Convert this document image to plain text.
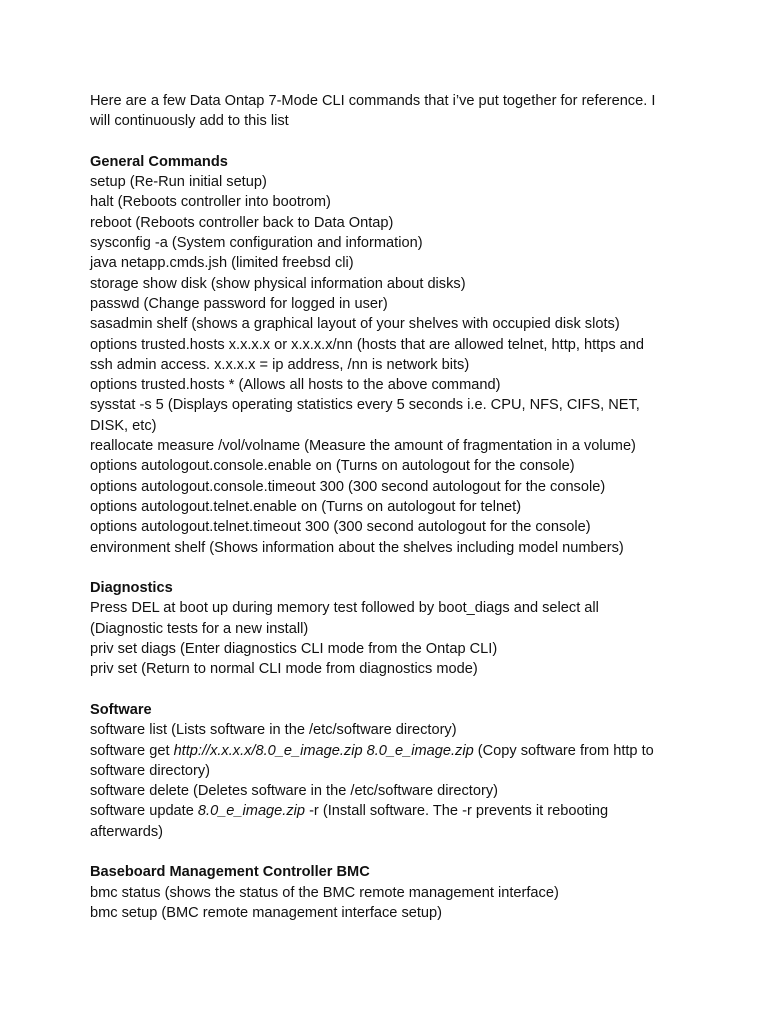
Here are a few Data Ontap 7-Mode CLI commands that i’ve put together for reference. I
will continuously add to this list
General Commands
setup (Re-Run initial setup)
halt (Reboots controller into bootrom)
reboot (Reboots controller back to Data Ontap)
sysconfig -a (System configuration and information)
java netapp.cmds.jsh (limited freebsd cli)
storage show disk (show physical information about disks)
passwd (Change password for logged in user)
sasadmin shelf (shows a graphical layout of your shelves with occupied disk slots)
options trusted.hosts x.x.x.x or x.x.x.x/nn (hosts that are allowed telnet, http, https and
ssh admin access. x.x.x.x = ip address, /nn is network bits)
options trusted.hosts * (Allows all hosts to the above command)
sysstat -s 5 (Displays operating statistics every 5 seconds i.e. CPU, NFS, CIFS, NET,
DISK, etc)
reallocate measure /vol/volname (Measure the amount of fragmentation in a volume)
options autologout.console.enable on (Turns on autologout for the console)
options autologout.console.timeout 300 (300 second autologout for the console)
options autologout.telnet.enable on (Turns on autologout for telnet)
options autologout.telnet.timeout 300 (300 second autologout for the console)
environment shelf (Shows information about the shelves including model numbers)
Diagnostics
Press DEL at boot up during memory test followed by boot_diags and select all
(Diagnostic tests for a new install)
priv set diags (Enter diagnostics CLI mode from the Ontap CLI)
priv set (Return to normal CLI mode from diagnostics mode)
Software
software list (Lists software in the /etc/software directory)
software get http://x.x.x.x/8.0_e_image.zip 8.0_e_image.zip (Copy software from http to
software directory)
software delete (Deletes software in the /etc/software directory)
software update 8.0_e_image.zip -r (Install software. The -r prevents it rebooting
afterwards)
Baseboard Management Controller BMC
bmc status (shows the status of the BMC remote management interface)
bmc setup (BMC remote management interface setup)
